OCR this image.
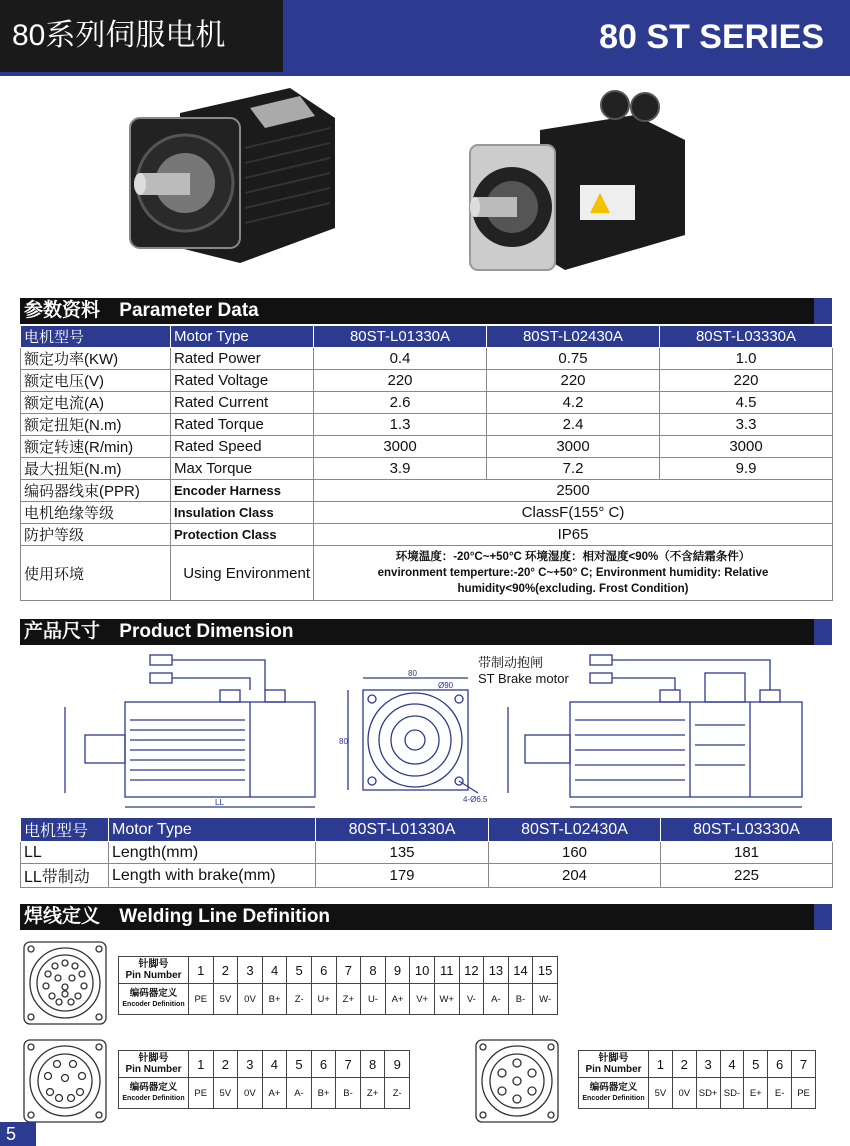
80系列伺服电机	80 ST SERIES
参数资料 Parameter Data
电机型号	Motor Type	80ST-L01330A	80ST-L02430A	80ST-L03330A
额定功率(KW)	Rated Power	0.4	0.75	1.0
额定电压(V)	Rated Voltage	220	220	220
额定电流(A)	Rated Current	2.6	4.2	4.5
额定扭矩(N.m)	Rated Torque	1.3	2.4	3.3
额定转速(R/min)	Rated Speed	3000	3000	3000
最大扭矩(N.m)	Max Torque	3.9	7.2	9.9
编码器线束(PPR)	Encoder Harness	2500		
电机绝缘等级	Insulation Class	ClassF(155° C)		
防护等级	Protection Class	IP65		
使用环境	Using Environment	环境温度：-20°C~+50°C 环境湿度：相对湿度<90%（不含結霜条件）
environment temperture:-20° C~+50° C; Environment humidity: Relative
humidity<90%(excluding. Frost Condition)		
产品尺寸 Product Dimension
LL
80
Ø90
80
4-Ø6.5
带制动抱闸
ST Brake motor
电机型号	Motor Type	80ST-L01330A	80ST-L02430A	80ST-L03330A
LL	Length(mm)	135	160	181
LL带制动	Length with brake(mm)	179	204	225
焊线定义 Welding Line Definition
针脚号
Pin Number	1	2	3	4	5	6	7	8	9	10	11	12	13	14	15

编码器定义
Encoder Definition	PE	5V	0V	B+	Z-	U+	Z+	U-	A+	V+	W+	V-	A-	B-	W-
针脚号
Pin Number	1	2	3	4	5	6	7	8	9

编码器定义
Encoder Definition	PE	5V	0V	A+	A-	B+	B-	Z+	Z-
针脚号
Pin Number	1	2	3	4	5	6	7

编码器定义
Encoder Definition	5V	0V	SD+	SD-	E+	E-	PE
5
